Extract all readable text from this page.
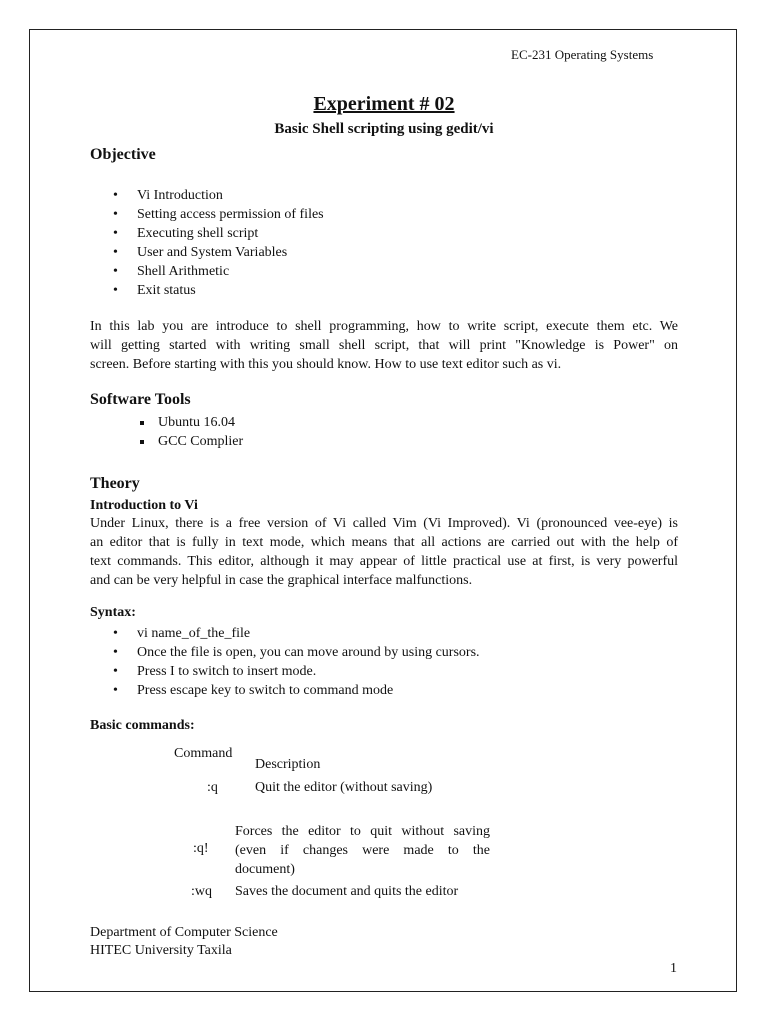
EC-231 Operating Systems
Experiment # 02
Basic Shell scripting using gedit/vi
Objective
• Vi Introduction
• Setting access permission of files
• Executing shell script
• User and System Variables
• Shell Arithmetic
• Exit status
In this lab you are introduce to shell programming, how to write script, execute them etc. We
will getting started with writing small shell script, that will print "Knowledge is Power" on
screen. Before starting with this you should know. How to use text editor such as vi.
Software Tools
Ubuntu 16.04
GCC Complier
Theory
Introduction to Vi
Under Linux, there is a free version of Vi called Vim (Vi Improved). Vi (pronounced vee-eye) is
an editor that is fully in text mode, which means that all actions are carried out with the help of
text commands. This editor, although it may appear of little practical use at first, is very powerful
and can be very helpful in case the graphical interface malfunctions.
Syntax:
• vi name_of_the_file
• Once the file is open, you can move around by using cursors.
• Press I to switch to insert mode.
• Press escape key to switch to command mode
Basic commands:
Command
Description
:q	Quit the editor (without saving)
:q!
Forces the editor to quit without saving
(even if changes were made to the
document)
:wq Saves the document and quits the editor
Department of Computer Science
HITEC University Taxila
1
